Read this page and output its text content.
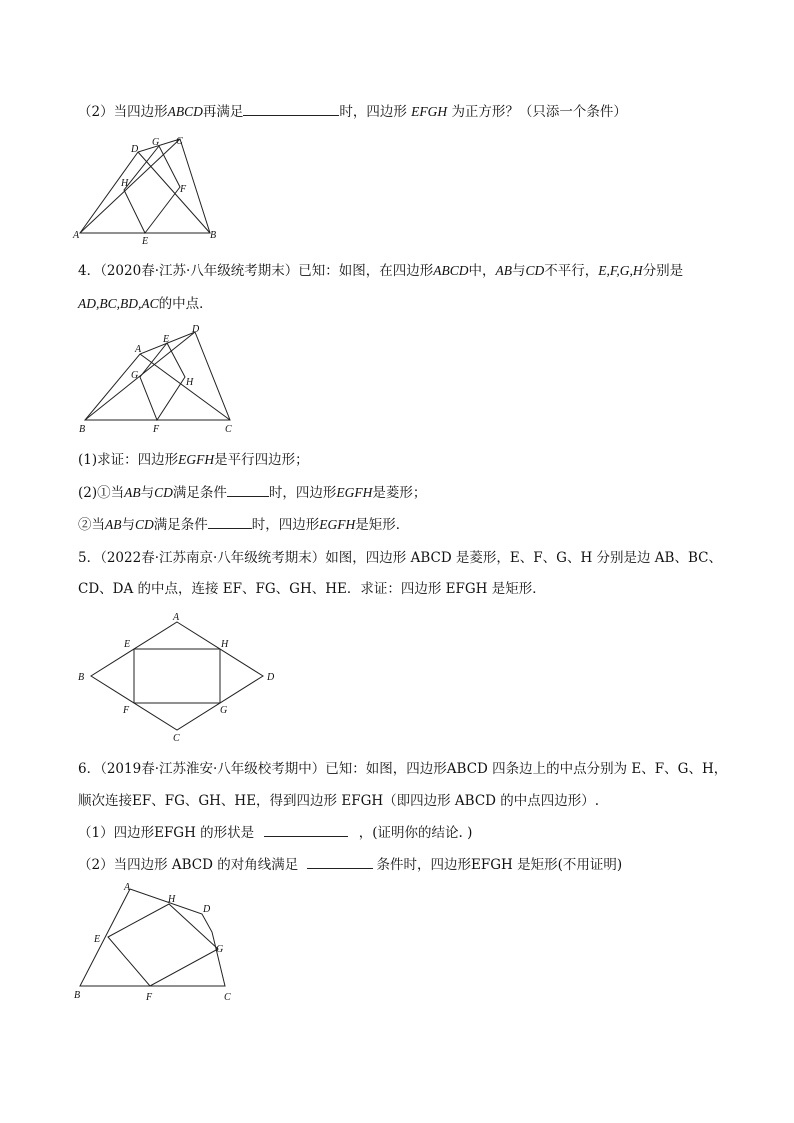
（2）当四边形ABCD再满足	时，四边形 EFGH 为正方形？（只添一个条件）
A	B
C
D
E
F
G
H
4．（2020春·江苏·八年级统考期末）已知：如图，在四边形ABCD中，AB与CD不平行，E,F,G,H分别是
AD,BC,BD,AC的中点．
B	C
D
A
E
F
G
H
(1)求证：四边形EGFH是平行四边形；
(2)①当AB与CD满足条件	时，四边形EGFH是菱形；
②当AB与CD满足条件	时，四边形EGFH是矩形．
5．（2022春·江苏南京·八年级统考期末）如图，四边形 ABCD 是菱形，E、F、G、H 分别是边 AB、BC、
CD、DA 的中点，连接 EF、FG、GH、HE．求证：四边形 EFGH 是矩形．
A
B
C
D
E
F	G
H
6．（2019春·江苏淮安·八年级校考期中）已知：如图，四边形ABCD 四条边上的中点分别为 E、F、G、H，
顺次连接EF、FG、GH、HE，得到四边形 EFGH（即四边形 ABCD 的中点四边形）.
（1）四边形EFGH 的形状是	，(证明你的结论. )
（2）当四边形 ABCD 的对角线满足	条件时，四边形EFGH 是矩形(不用证明)
A
B	C
D
E
F
G
H
